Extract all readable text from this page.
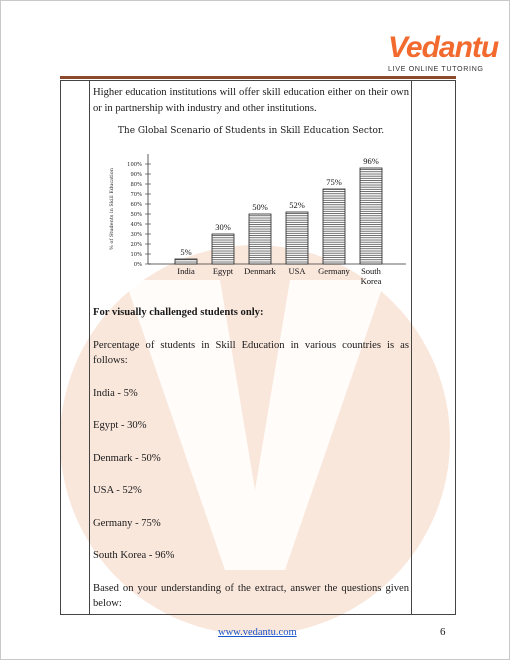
Vedantu
LIVE ONLINE TUTORING

Higher education institutions will offer skill education either on their own or in partnership with industry and other institutions.

The Global Scenario of Students in Skill Education Sector.
0%
10%
20%
30%
40%
50%
60%
70%
80%
90%
100%
% of Students in Skill Education
5%
India
30%
Egypt
50%
Denmark
52%
USA
75%
Germany
96%
South
Korea

For visually challenged students only:

Percentage of students in Skill Education in various countries is as follows:

India - 5%

Egypt - 30%

Denmark - 50%

USA - 52%

Germany - 75%

South Korea - 96%

Based on your understanding of the extract, answer the questions given below:

www.vedantu.com	6
